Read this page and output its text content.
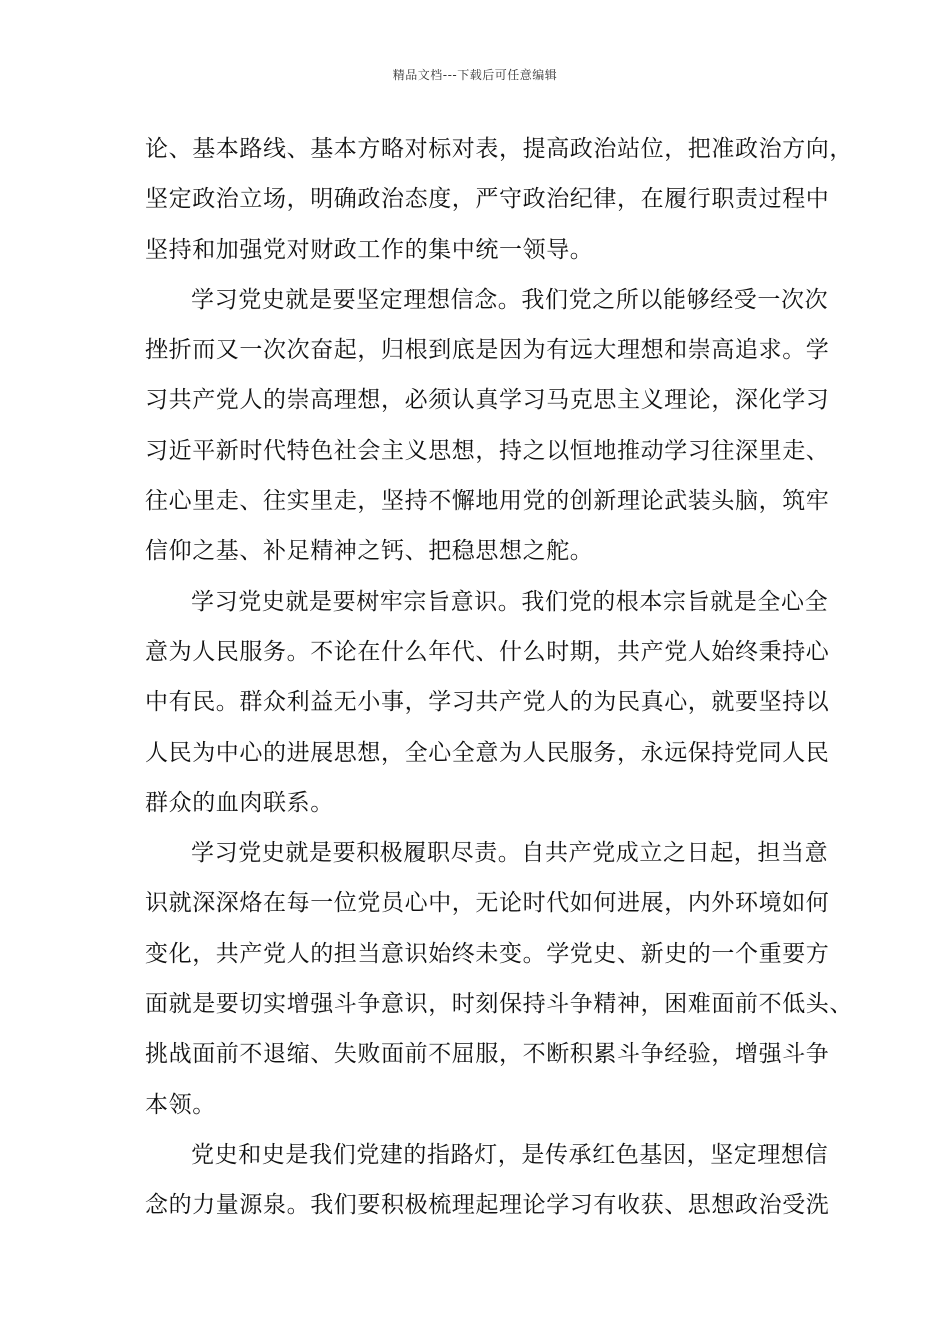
精品文档---下载后可任意编辑
论、基本路线、基本方略对标对表，提高政治站位，把准政治方向，
坚定政治立场，明确政治态度，严守政治纪律，在履行职责过程中
坚持和加强党对财政工作的集中统一领导。
学习党史就是要坚定理想信念。我们党之所以能够经受一次次
挫折而又一次次奋起，归根到底是因为有远大理想和崇高追求。学
习共产党人的崇高理想，必须认真学习马克思主义理论，深化学习
习近平新时代特色社会主义思想，持之以恒地推动学习往深里走、
往心里走、往实里走，坚持不懈地用党的创新理论武装头脑，筑牢
信仰之基、补足精神之钙、把稳思想之舵。
学习党史就是要树牢宗旨意识。我们党的根本宗旨就是全心全
意为人民服务。不论在什么年代、什么时期，共产党人始终秉持心
中有民。群众利益无小事，学习共产党人的为民真心，就要坚持以
人民为中心的进展思想，全心全意为人民服务，永远保持党同人民
群众的血肉联系。
学习党史就是要积极履职尽责。自共产党成立之日起，担当意
识就深深烙在每一位党员心中，无论时代如何进展，内外环境如何
变化，共产党人的担当意识始终未变。学党史、新史的一个重要方
面就是要切实增强斗争意识，时刻保持斗争精神，困难面前不低头、
挑战面前不退缩、失败面前不屈服，不断积累斗争经验，增强斗争
本领。
党史和史是我们党建的指路灯，是传承红色基因，坚定理想信
念的力量源泉。我们要积极梳理起理论学习有收获、思想政治受洗
